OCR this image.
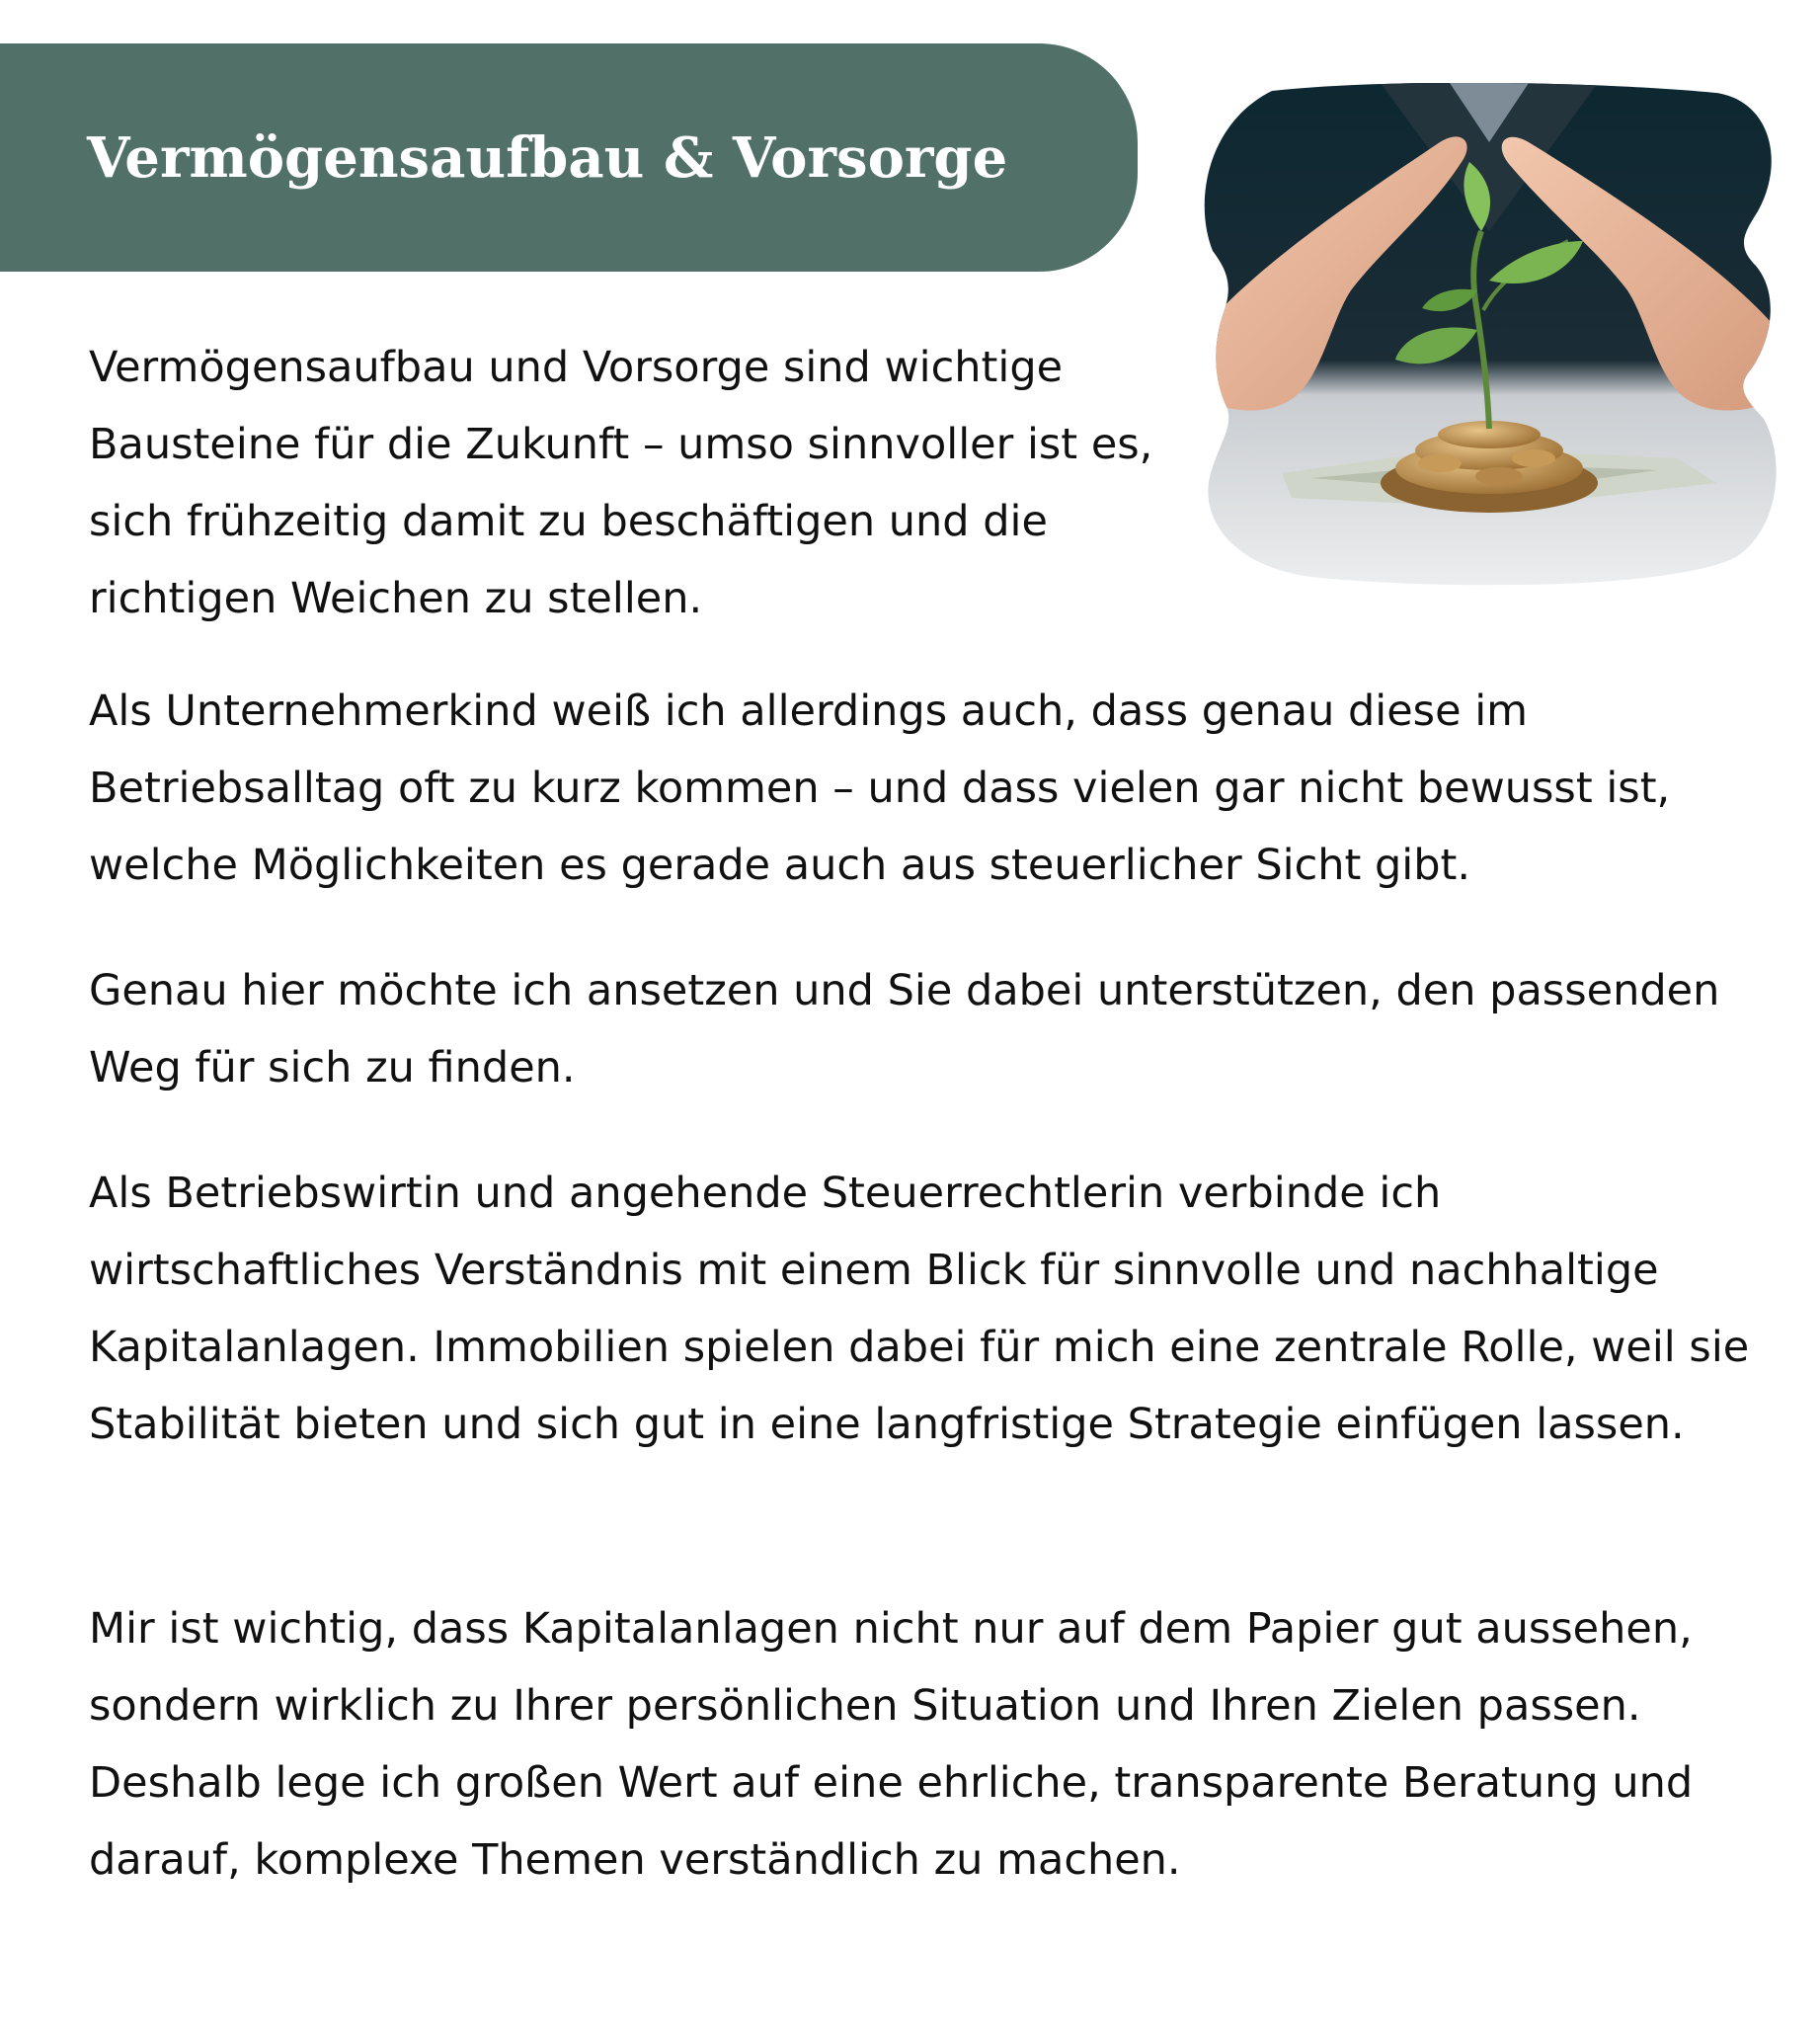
Vermögensaufbau & Vorsorge

Vermögensaufbau und Vorsorge sind wichtige Bausteine für die Zukunft – umso sinnvoller ist es, sich frühzeitig damit zu beschäftigen und die richtigen Weichen zu stellen.

Als Unternehmerkind weiß ich allerdings auch, dass genau diese im Betriebsalltag oft zu kurz kommen – und dass vielen gar nicht bewusst ist, welche Möglichkeiten es gerade auch aus steuerlicher Sicht gibt.

Genau hier möchte ich ansetzen und Sie dabei unterstützen, den passenden Weg für sich zu finden.

Als Betriebswirtin und angehende Steuerrechtlerin verbinde ich wirtschaftliches Verständnis mit einem Blick für sinnvolle und nachhaltige Kapitalanlagen. Immobilien spielen dabei für mich eine zentrale Rolle, weil sie Stabilität bieten und sich gut in eine langfristige Strategie einfügen lassen.

Mir ist wichtig, dass Kapitalanlagen nicht nur auf dem Papier gut aussehen, sondern wirklich zu Ihrer persönlichen Situation und Ihren Zielen passen. Deshalb lege ich großen Wert auf eine ehrliche, transparente Beratung und darauf, komplexe Themen verständlich zu machen.
